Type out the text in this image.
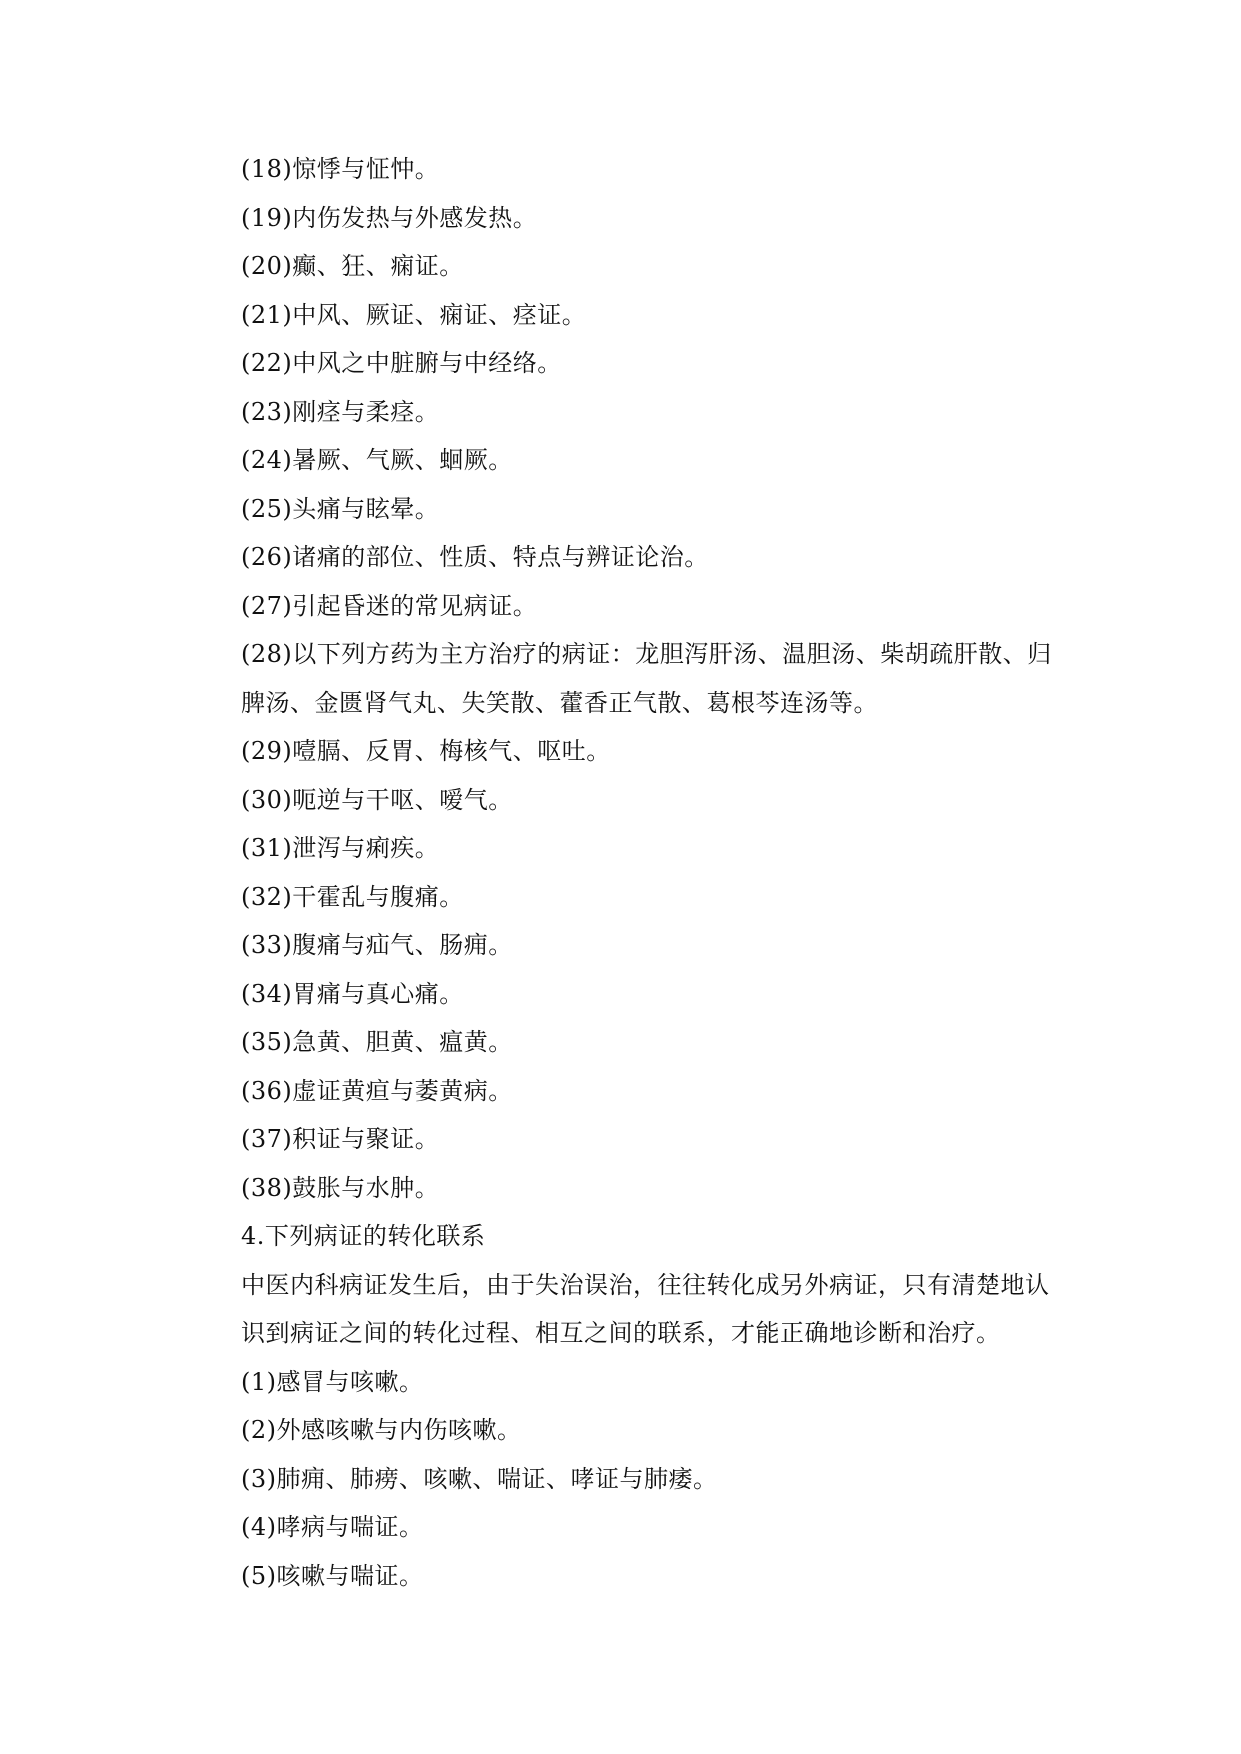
(18)惊悸与怔忡。
(19)内伤发热与外感发热。
(20)癫、狂、痫证。
(21)中风、厥证、痫证、痉证。
(22)中风之中脏腑与中经络。
(23)刚痉与柔痉。
(24)暑厥、气厥、蛔厥。
(25)头痛与眩晕。
(26)诸痛的部位、性质、特点与辨证论治。
(27)引起昏迷的常见病证。
(28)以下列方药为主方治疗的病证：龙胆泻肝汤、温胆汤、柴胡疏肝散、归脾汤、金匮肾气丸、失笑散、藿香正气散、葛根芩连汤等。
(29)噎膈、反胃、梅核气、呕吐。
(30)呃逆与干呕、嗳气。
(31)泄泻与痢疾。
(32)干霍乱与腹痛。
(33)腹痛与疝气、肠痈。
(34)胃痛与真心痛。
(35)急黄、胆黄、瘟黄。
(36)虚证黄疸与萎黄病。
(37)积证与聚证。
(38)鼓胀与水肿。
4.下列病证的转化联系
中医内科病证发生后，由于失治误治，往往转化成另外病证，只有清楚地认识到病证之间的转化过程、相互之间的联系，才能正确地诊断和治疗。
(1)感冒与咳嗽。
(2)外感咳嗽与内伤咳嗽。
(3)肺痈、肺痨、咳嗽、喘证、哮证与肺痿。
(4)哮病与喘证。
(5)咳嗽与喘证。
